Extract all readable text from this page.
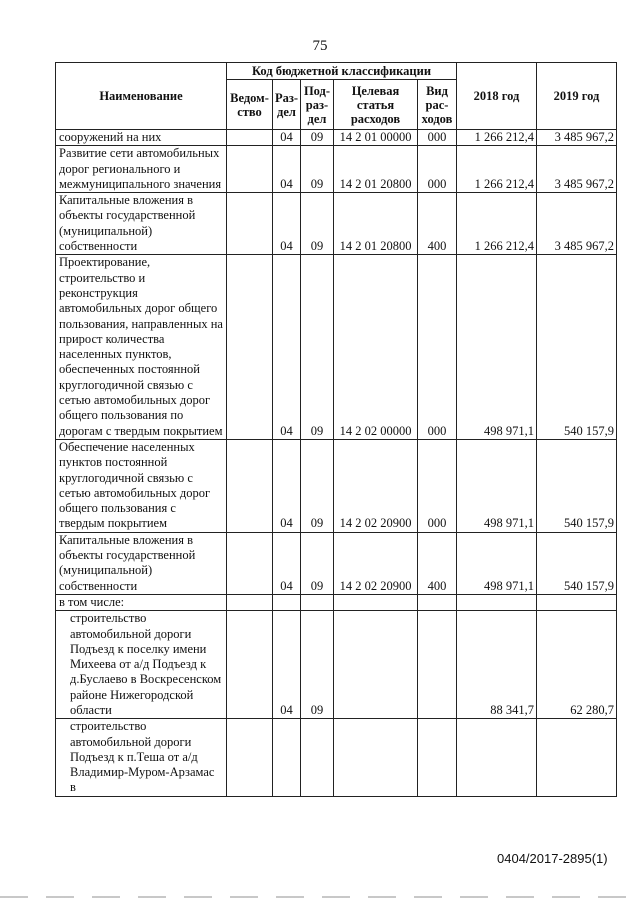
75
Наименование	Код бюджетной классификации					2018 год	2019 год
	Ведом-ство	Раз-дел	Под-раз-дел	Целевая статья расходов	Вид рас-ходов		
сооружений на них		04	09	14 2 01 00000	000	1 266 212,4	3 485 967,2
Развитие сети автомобильных дорог регионального и межмуниципального значения		04	09	14 2 01 20800	000	1 266 212,4	3 485 967,2
Капитальные вложения в объекты государственной (муниципальной) собственности		04	09	14 2 01 20800	400	1 266 212,4	3 485 967,2
Проектирование, строительство и реконструкция автомобильных дорог общего пользования, направленных на прирост количества населенных пунктов, обеспеченных постоянной круглогодичной связью с сетью автомобильных дорог общего пользования по дорогам с твердым покрытием		04	09	14 2 02 00000	000	498 971,1	540 157,9
Обеспечение населенных пунктов постоянной круглогодичной связью с сетью автомобильных дорог общего пользования с твердым покрытием		04	09	14 2 02 20900	000	498 971,1	540 157,9
Капитальные вложения в объекты государственной (муниципальной) собственности		04	09	14 2 02 20900	400	498 971,1	540 157,9
в том числе:							
строительство автомобильной дороги Подъезд к поселку имени Михеева от а/д Подъезд к д.Буслаево в Воскресенском районе Нижегородской области		04	09			88 341,7	62 280,7
строительство автомобильной дороги Подъезд к п.Теша от а/д Владимир-Муром-Арзамас в							
0404/2017-2895(1)
